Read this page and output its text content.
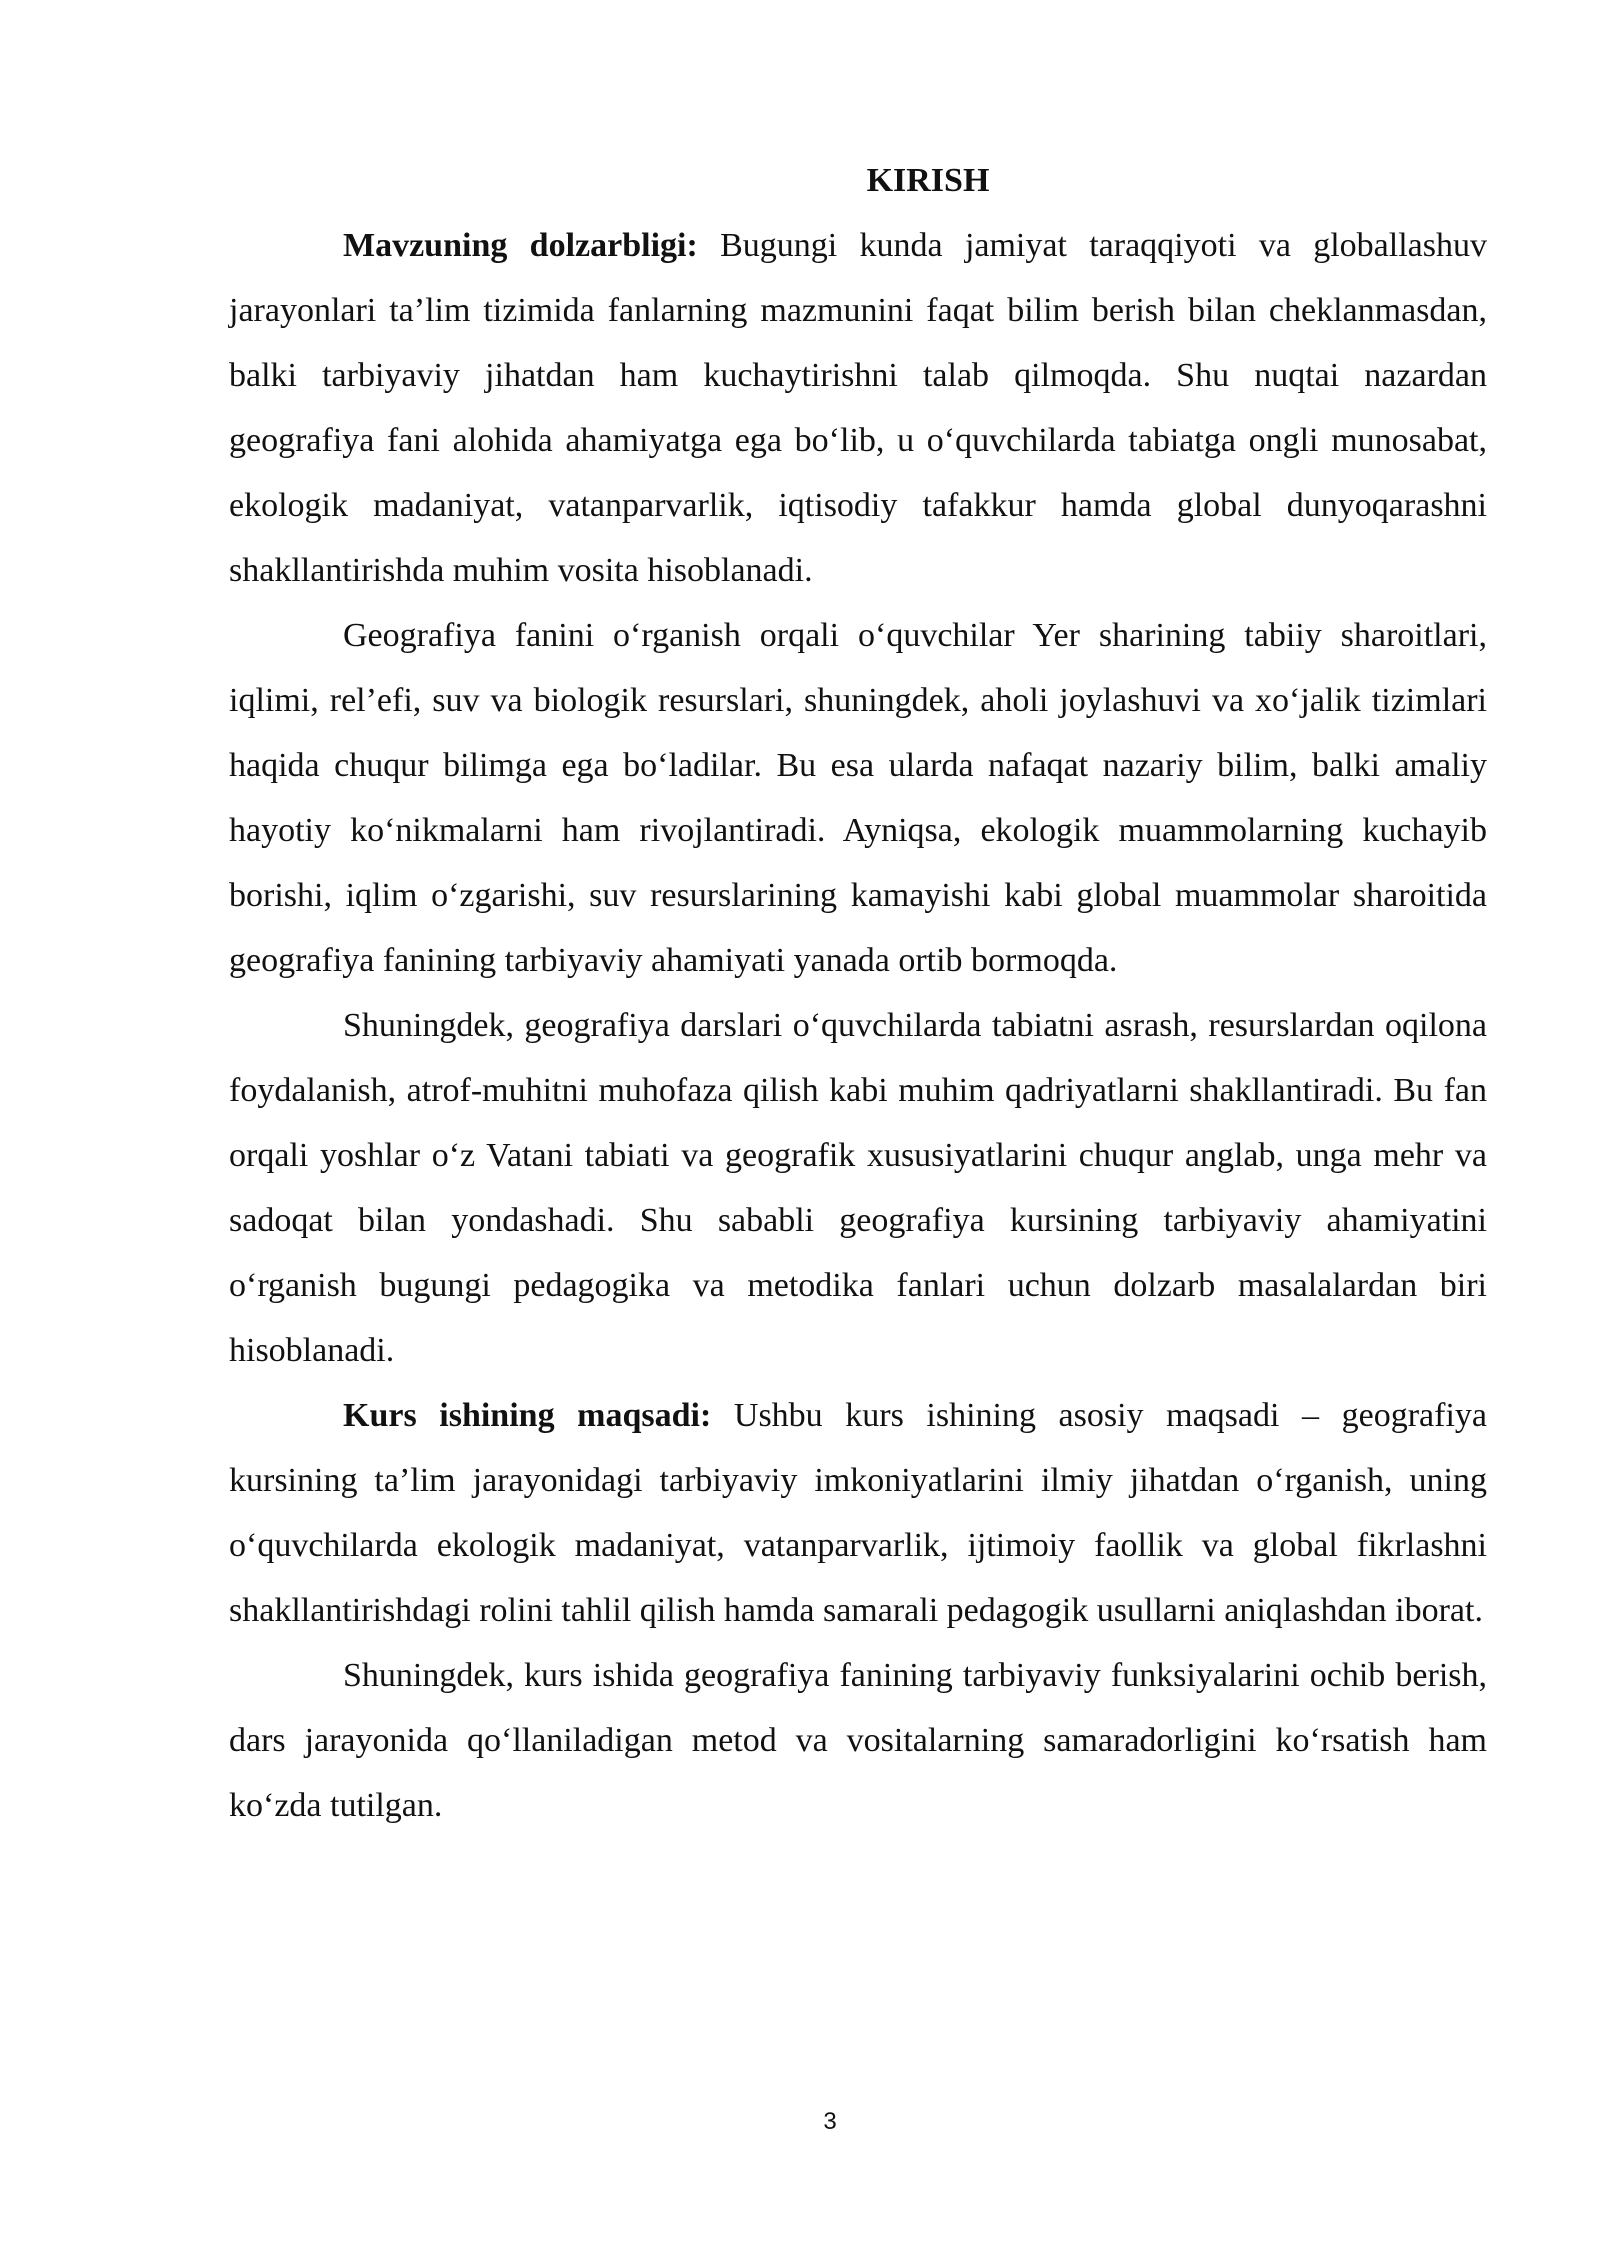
KIRISH

Mavzuning dolzarbligi: Bugungi kunda jamiyat taraqqiyoti va globallashuv jarayonlari ta’lim tizimida fanlarning mazmunini faqat bilim berish bilan cheklanmasdan, balki tarbiyaviy jihatdan ham kuchaytirishni talab qilmoqda. Shu nuqtai nazardan geografiya fani alohida ahamiyatga ega bo‘lib, u o‘quvchilarda tabiatga ongli munosabat, ekologik madaniyat, vatanparvarlik, iqtisodiy tafakkur hamda global dunyoqarashni shakllantirishda muhim vosita hisoblanadi.

Geografiya fanini o‘rganish orqali o‘quvchilar Yer sharining tabiiy sharoitlari, iqlimi, rel’efi, suv va biologik resurslari, shuningdek, aholi joylashuvi va xo‘jalik tizimlari haqida chuqur bilimga ega bo‘ladilar. Bu esa ularda nafaqat nazariy bilim, balki amaliy hayotiy ko‘nikmalarni ham rivojlantiradi. Ayniqsa, ekologik muammolarning kuchayib borishi, iqlim o‘zgarishi, suv resurslarining kamayishi kabi global muammolar sharoitida geografiya fanining tarbiyaviy ahamiyati yanada ortib bormoqda.

Shuningdek, geografiya darslari o‘quvchilarda tabiatni asrash, resurslardan oqilona foydalanish, atrof-muhitni muhofaza qilish kabi muhim qadriyatlarni shakllantiradi. Bu fan orqali yoshlar o‘z Vatani tabiati va geografik xususiyatlarini chuqur anglab, unga mehr va sadoqat bilan yondashadi. Shu sababli geografiya kursining tarbiyaviy ahamiyatini o‘rganish bugungi pedagogika va metodika fanlari uchun dolzarb masalalardan biri hisoblanadi.

Kurs ishining maqsadi: Ushbu kurs ishining asosiy maqsadi – geografiya kursining ta’lim jarayonidagi tarbiyaviy imkoniyatlarini ilmiy jihatdan o‘rganish, uning o‘quvchilarda ekologik madaniyat, vatanparvarlik, ijtimoiy faollik va global fikrlashni shakllantirishdagi rolini tahlil qilish hamda samarali pedagogik usullarni aniqlashdan iborat.

Shuningdek, kurs ishida geografiya fanining tarbiyaviy funksiyalarini ochib berish, dars jarayonida qo‘llaniladigan metod va vositalarning samaradorligini ko‘rsatish ham ko‘zda tutilgan.

3
